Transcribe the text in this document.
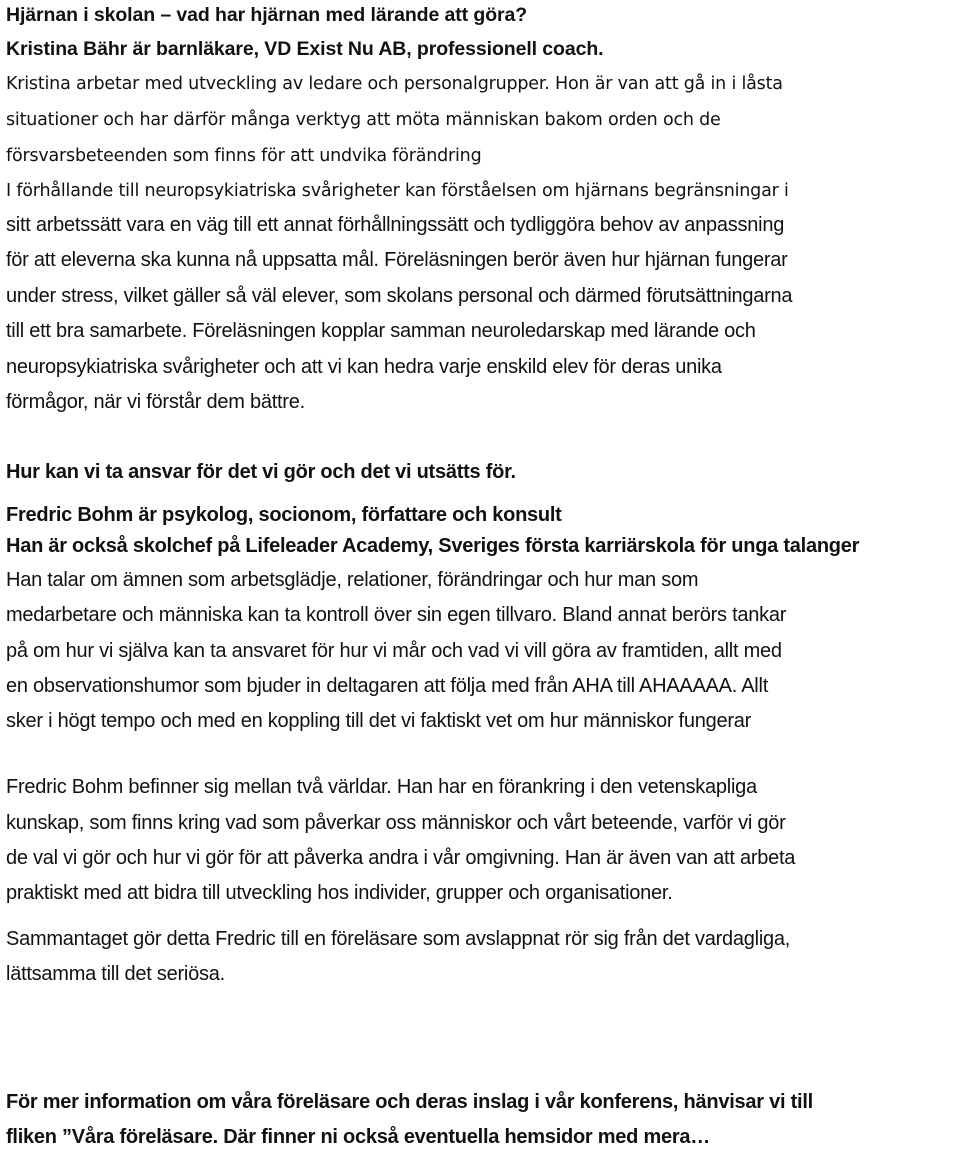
Hjärnan i skolan – vad har hjärnan med lärande att göra?
Kristina Bähr är barnläkare, VD Exist Nu AB, professionell coach.
Kristina arbetar med utveckling av ledare och personalgrupper. Hon är van att gå in i låsta
situationer och har därför många verktyg att möta människan bakom orden och de
försvarsbeteenden som finns för att undvika förändring
I förhållande till neuropsykiatriska svårigheter kan förståelsen om hjärnans begränsningar i
sitt arbetssätt vara en väg till ett annat förhållningssätt och tydliggöra behov av anpassning
för att eleverna ska kunna nå uppsatta mål. Föreläsningen berör även hur hjärnan fungerar
under stress, vilket gäller så väl elever, som skolans personal och därmed förutsättningarna
till ett bra samarbete. Föreläsningen kopplar samman neuroledarskap med lärande och
neuropsykiatriska svårigheter och att vi kan hedra varje enskild elev för deras unika
förmågor, när vi förstår dem bättre.
Hur kan vi ta ansvar för det vi gör och det vi utsätts för.
Fredric Bohm är psykolog, socionom, författare och konsult
Han är också skolchef på Lifeleader Academy, Sveriges första karriärskola för unga talanger
Han talar om ämnen som arbetsglädje, relationer, förändringar och hur man som
medarbetare och människa kan ta kontroll över sin egen tillvaro. Bland annat berörs tankar
på om hur vi själva kan ta ansvaret för hur vi mår och vad vi vill göra av framtiden, allt med
en observationshumor som bjuder in deltagaren att följa med från AHA till AHAAAAA. Allt
sker i högt tempo och med en koppling till det vi faktiskt vet om hur människor fungerar
Fredric Bohm befinner sig mellan två världar. Han har en förankring i den vetenskapliga
kunskap, som finns kring vad som påverkar oss människor och vårt beteende, varför vi gör
de val vi gör och hur vi gör för att påverka andra i vår omgivning. Han är även van att arbeta
praktiskt med att bidra till utveckling hos individer, grupper och organisationer.
Sammantaget gör detta Fredric till en föreläsare som avslappnat rör sig från det vardagliga,
lättsamma till det seriösa.
För mer information om våra föreläsare och deras inslag i vår konferens, hänvisar vi till
fliken ”Våra föreläsare. Där finner ni också eventuella hemsidor med mera…
